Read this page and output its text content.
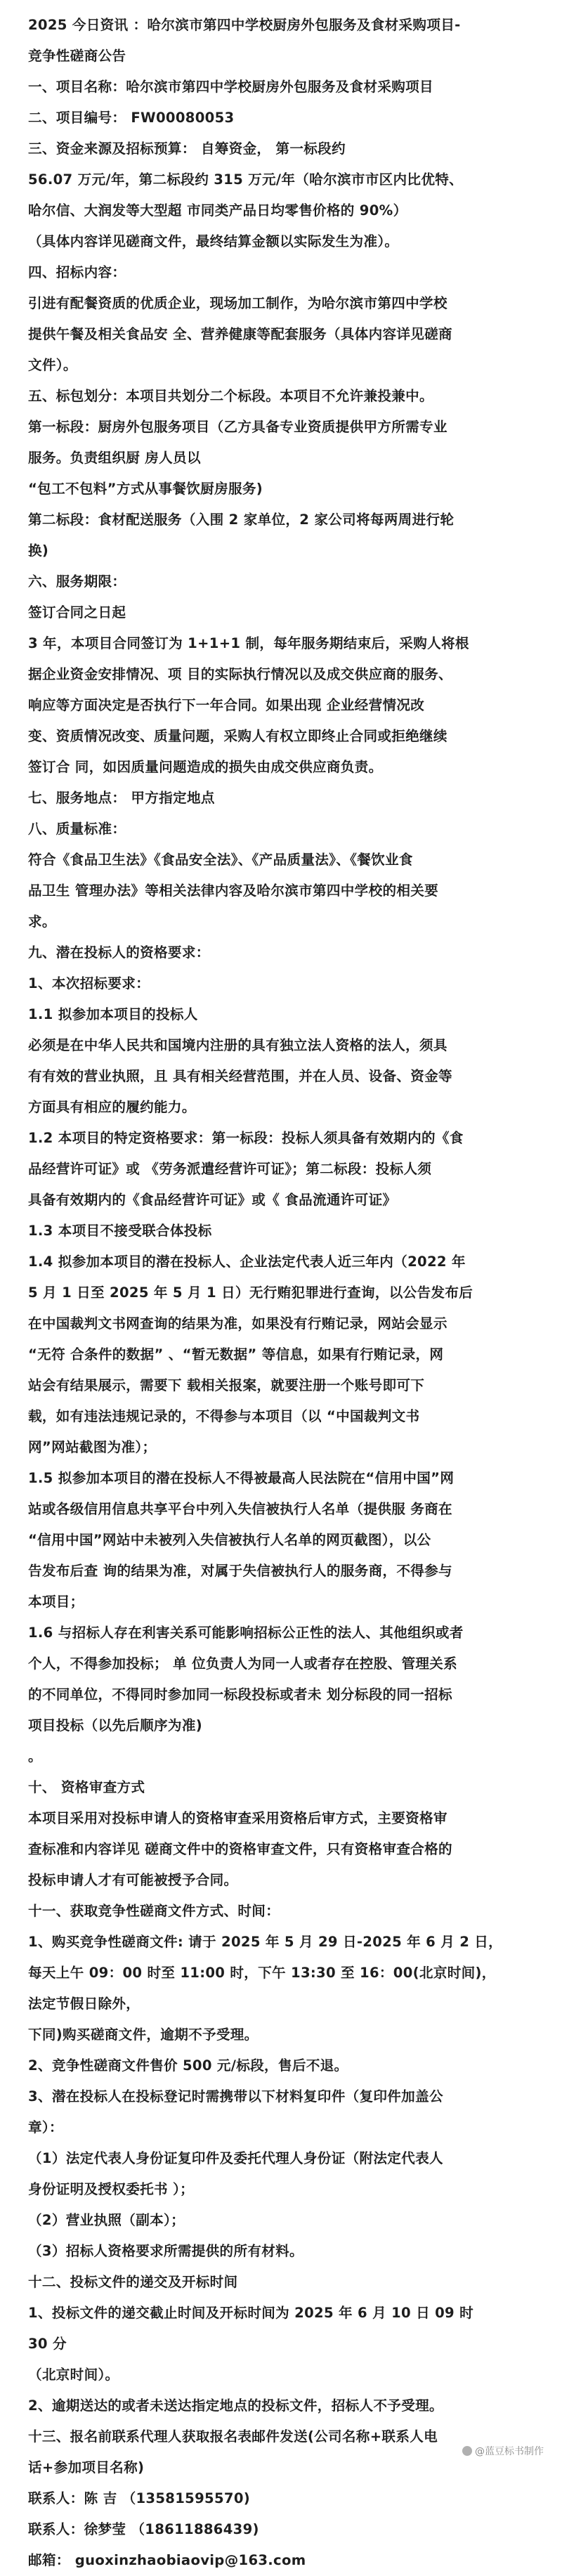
2025 今日资讯 ：哈尔滨市第四中学校厨房外包服务及食材采购项目-
竞争性磋商公告
一、项目名称：哈尔滨市第四中学校厨房外包服务及食材采购项目
二、项目编号： FW00080053
三、资金来源及招标预算： 自筹资金， 第一标段约
56.07 万元/年，第二标段约 315 万元/年（哈尔滨市市区内比优特、
哈尔信、大润发等大型超 市同类产品日均零售价格的 90%）
（具体内容详见磋商文件，最终结算金额以实际发生为准）。
四、招标内容：
引进有配餐资质的优质企业，现场加工制作，为哈尔滨市第四中学校
提供午餐及相关食品安 全、营养健康等配套服务（具体内容详见磋商
文件）。
五、标包划分：本项目共划分二个标段。本项目不允许兼投兼中。
第一标段：厨房外包服务项目（乙方具备专业资质提供甲方所需专业
服务。负责组织厨 房人员以
“包工不包料”方式从事餐饮厨房服务)
第二标段：食材配送服务（入围 2 家单位，2 家公司将每两周进行轮
换)
六、服务期限：
签订合同之日起
3 年，本项目合同签订为 1+1+1 制，每年服务期结束后，采购人将根
据企业资金安排情况、项 目的实际执行情况以及成交供应商的服务、
响应等方面决定是否执行下一年合同。如果出现 企业经营情况改
变、资质情况改变、质量问题，采购人有权立即终止合同或拒绝继续
签订合 同，如因质量问题造成的损失由成交供应商负责。
七、服务地点： 甲方指定地点
八、质量标准：
符合《食品卫生法》《食品安全法》、《产品质量法》、《餐饮业食
品卫生 管理办法》等相关法律内容及哈尔滨市第四中学校的相关要
求。
九、潜在投标人的资格要求：
1、本次招标要求：
1.1 拟参加本项目的投标人
必须是在中华人民共和国境内注册的具有独立法人资格的法人，须具
有有效的营业执照，且 具有相关经营范围，并在人员、设备、资金等
方面具有相应的履约能力。
1.2 本项目的特定资格要求：第一标段：投标人须具备有效期内的《食
品经营许可证》或 《劳务派遣经营许可证》；第二标段：投标人须
具备有效期内的《食品经营许可证》或《 食品流通许可证》
1.3 本项目不接受联合体投标
1.4 拟参加本项目的潜在投标人、企业法定代表人近三年内（2022 年
5 月 1 日至 2025 年 5 月 1 日）无行贿犯罪进行查询，以公告发布后
在中国裁判文书网查询的结果为准，如果没有行贿记录，网站会显示
“无符 合条件的数据” 、“暂无数据” 等信息，如果有行贿记录，网
站会有结果展示，需要下 载相关报案，就要注册一个账号即可下
载，如有违法违规记录的，不得参与本项目（以 “中国裁判文书
网”网站截图为准）；
1.5 拟参加本项目的潜在投标人不得被最高人民法院在“信用中国”网
站或各级信用信息共享平台中列入失信被执行人名单（提供服 务商在
“信用中国”网站中未被列入失信被执行人名单的网页截图），以公
告发布后查 询的结果为准，对属于失信被执行人的服务商，不得参与
本项目；
1.6 与招标人存在利害关系可能影响招标公正性的法人、其他组织或者
个人，不得参加投标； 单 位负责人为同一人或者存在控股、管理关系
的不同单位，不得同时参加同一标段投标或者未 划分标段的同一招标
项目投标（以先后顺序为准)
。
十、 资格审查方式
本项目采用对投标申请人的资格审查采用资格后审方式，主要资格审
查标准和内容详见 磋商文件中的资格审查文件，只有资格审查合格的
投标申请人才有可能被授予合同。
十一、获取竞争性磋商文件方式、时间：
1、购买竞争性磋商文件: 请于 2025 年 5 月 29 日-2025 年 6 月 2 日，
每天上午 09：00 时至 11:00 时，下午 13:30 至 16：00(北京时间)，
法定节假日除外，
下同)购买磋商文件，逾期不予受理。
2、竞争性磋商文件售价 500 元/标段，售后不退。
3、潜在投标人在投标登记时需携带以下材料复印件（复印件加盖公
章）：
（1）法定代表人身份证复印件及委托代理人身份证（附法定代表人
身份证明及授权委托书 ）；
（2）营业执照（副本）；
（3）招标人资格要求所需提供的所有材料。
十二、投标文件的递交及开标时间
1、投标文件的递交截止时间及开标时间为 2025 年 6 月 10 日 09 时
30 分
（北京时间）。
2、逾期送达的或者未送达指定地点的投标文件，招标人不予受理。
十三、报名前联系代理人获取报名表邮件发送(公司名称+联系人电
话+参加项目名称)
联系人：陈 吉 （13581595570)
联系人：徐梦莹 （18611886439)
邮箱： guoxinzhaobiaovip@163.com
@蓝豆标书制作
